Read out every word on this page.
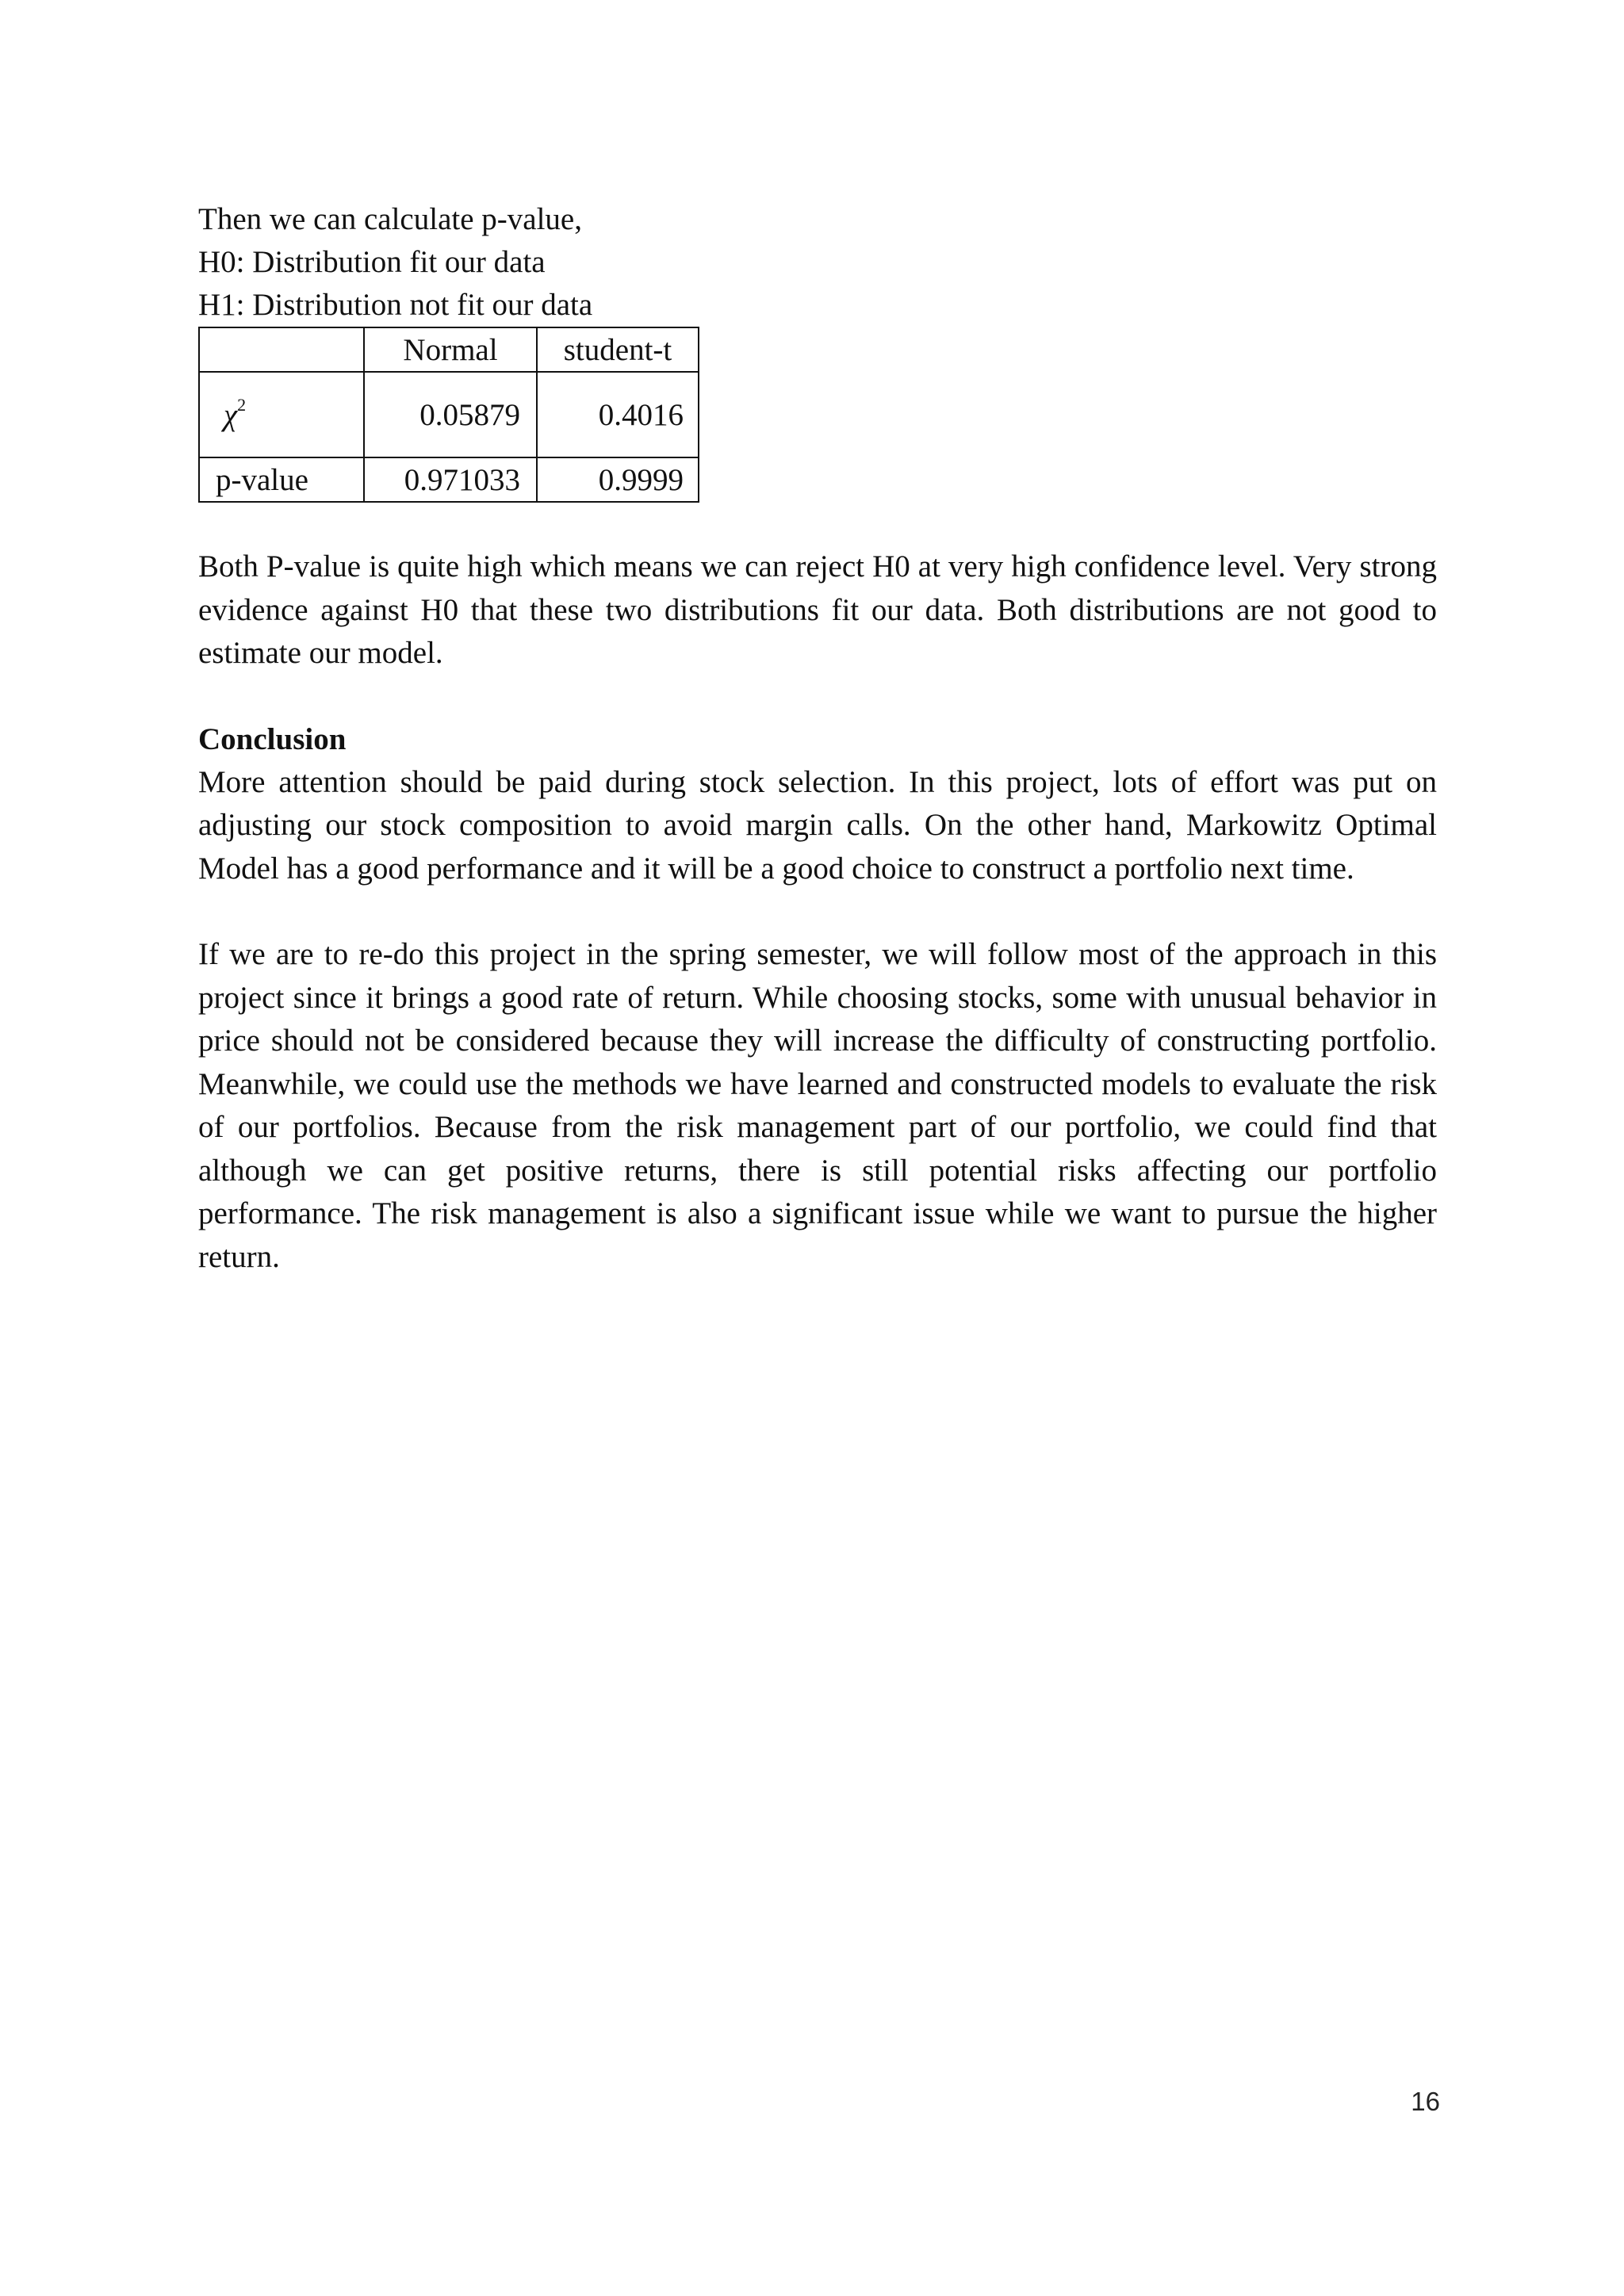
Then we can calculate p-value,
H0: Distribution fit our data
H1: Distribution not fit our data
	Normal	student-t
$\chi^2$	0.05879	0.4016
p-value	0.971033	0.9999

Both P-value is quite high which means we can reject H0 at very high confidence level. Very strong evidence against H0 that these two distributions fit our data. Both distributions are not good to estimate our model.

Conclusion

More attention should be paid during stock selection. In this project, lots of effort was put on adjusting our stock composition to avoid margin calls. On the other hand, Markowitz Optimal Model has a good performance and it will be a good choice to construct a portfolio next time.

If we are to re-do this project in the spring semester, we will follow most of the approach in this project since it brings a good rate of return. While choosing stocks, some with unusual behavior in price should not be considered because they will increase the difficulty of constructing portfolio. Meanwhile, we could use the methods we have learned and constructed models to evaluate the risk of our portfolios. Because from the risk management part of our portfolio, we could find that although we can get positive returns, there is still potential risks affecting our portfolio performance. The risk management is also a significant issue while we want to pursue the higher return.

16
